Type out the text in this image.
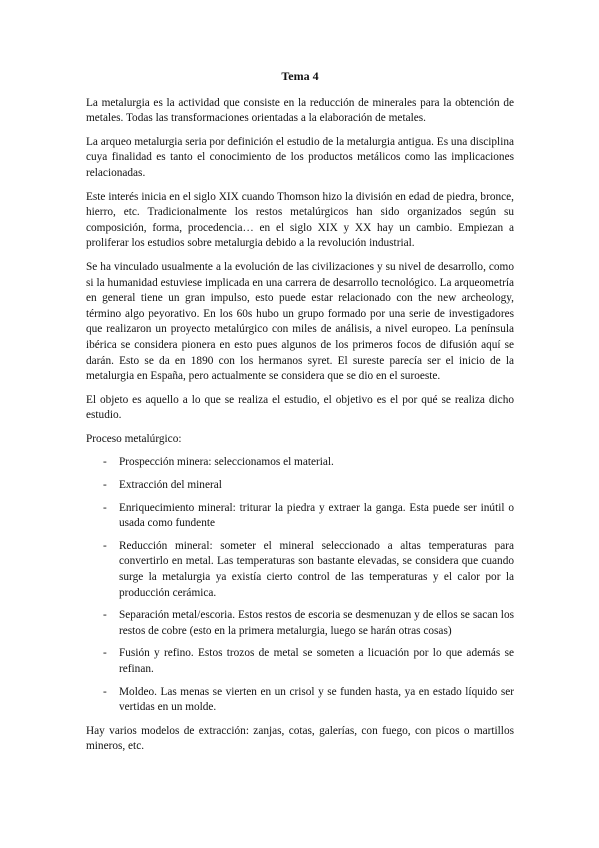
Tema 4

La metalurgia es la actividad que consiste en la reducción de minerales para la obtención de metales. Todas las transformaciones orientadas a la elaboración de metales.

La arqueo metalurgia seria por definición el estudio de la metalurgia antigua. Es una disciplina cuya finalidad es tanto el conocimiento de los productos metálicos como las implicaciones relacionadas.

Este interés inicia en el siglo XIX cuando Thomson hizo la división en edad de piedra, bronce, hierro, etc. Tradicionalmente los restos metalúrgicos han sido organizados según su composición, forma, procedencia… en el siglo XIX y XX hay un cambio. Empiezan a proliferar los estudios sobre metalurgia debido a la revolución industrial.

Se ha vinculado usualmente a la evolución de las civilizaciones y su nivel de desarrollo, como si la humanidad estuviese implicada en una carrera de desarrollo tecnológico. La arqueometría en general tiene un gran impulso, esto puede estar relacionado con the new archeology, término algo peyorativo. En los 60s hubo un grupo formado por una serie de investigadores que realizaron un proyecto metalúrgico con miles de análisis, a nivel europeo. La península ibérica se considera pionera en esto pues algunos de los primeros focos de difusión aquí se darán. Esto se da en 1890 con los hermanos syret. El sureste parecía ser el inicio de la metalurgia en España, pero actualmente se considera que se dio en el suroeste.

El objeto es aquello a lo que se realiza el estudio, el objetivo es el por qué se realiza dicho estudio.

Proceso metalúrgico:

- Prospección minera: seleccionamos el material.
- Extracción del mineral
- Enriquecimiento mineral: triturar la piedra y extraer la ganga. Esta puede ser inútil o usada como fundente
- Reducción mineral: someter el mineral seleccionado a altas temperaturas para convertirlo en metal. Las temperaturas son bastante elevadas, se considera que cuando surge la metalurgia ya existía cierto control de las temperaturas y el calor por la producción cerámica.
- Separación metal/escoria. Estos restos de escoria se desmenuzan y de ellos se sacan los restos de cobre (esto en la primera metalurgia, luego se harán otras cosas)
- Fusión y refino. Estos trozos de metal se someten a licuación por lo que además se refinan.
- Moldeo. Las menas se vierten en un crisol y se funden hasta, ya en estado líquido ser vertidas en un molde.

Hay varios modelos de extracción: zanjas, cotas, galerías, con fuego, con picos o martillos mineros, etc.
